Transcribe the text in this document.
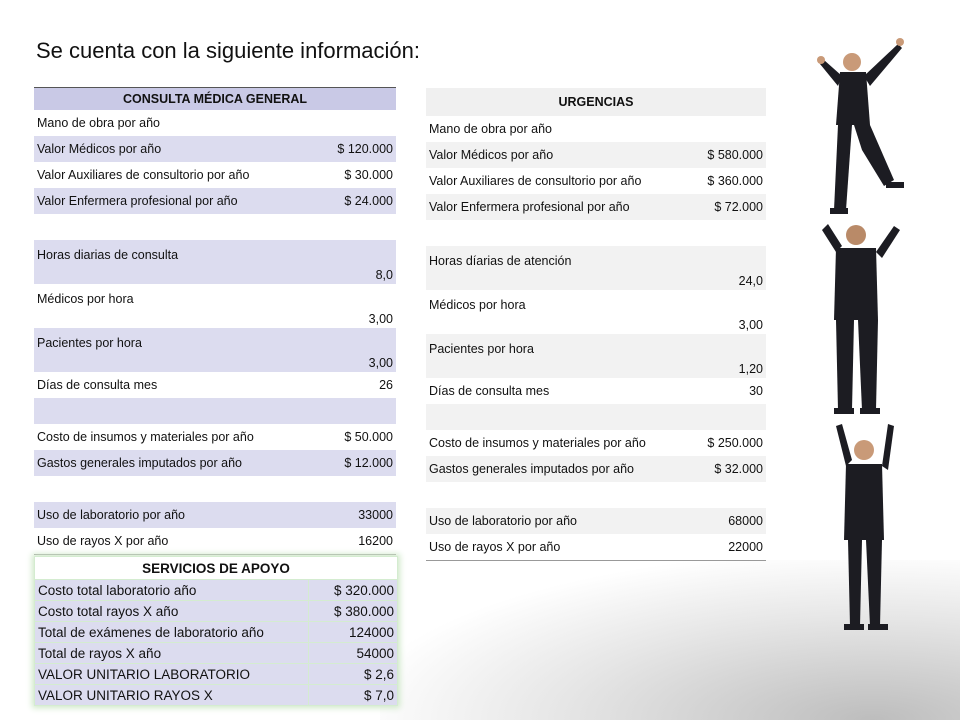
Se cuenta con la siguiente información:
CONSULTA MÉDICA GENERAL	
Mano de obra por año	
Valor Médicos por año	$ 120.000
Valor Auxiliares de consultorio por año	$ 30.000
Valor Enfermera profesional por año	$ 24.000

Horas diarias de consulta	8,0
Médicos por hora	3,00
Pacientes por hora	3,00
Días de consulta mes	26

Costo de insumos y materiales por año	$ 50.000
Gastos generales imputados por año	$ 12.000

Uso de laboratorio por año	33000
Uso de rayos X por año	16200
URGENCIAS	
Mano de obra por año	
Valor Médicos por año	$ 580.000
Valor Auxiliares de consultorio por año	$ 360.000
Valor Enfermera profesional por año	$ 72.000

Horas díarias de atención	24,0
Médicos por hora	3,00
Pacientes por hora	1,20
Días de consulta mes	30

Costo de insumos y materiales por año	$ 250.000
Gastos generales imputados por año	$ 32.000

Uso de laboratorio por año	68000
Uso de rayos X por año	22000
SERVICIOS DE APOYO	
Costo total laboratorio año	$ 320.000
Costo total rayos X año	$ 380.000
Total de exámenes de laboratorio año	124000
Total de rayos X año	54000
VALOR UNITARIO LABORATORIO	$ 2,6
VALOR UNITARIO RAYOS X	$ 7,0
